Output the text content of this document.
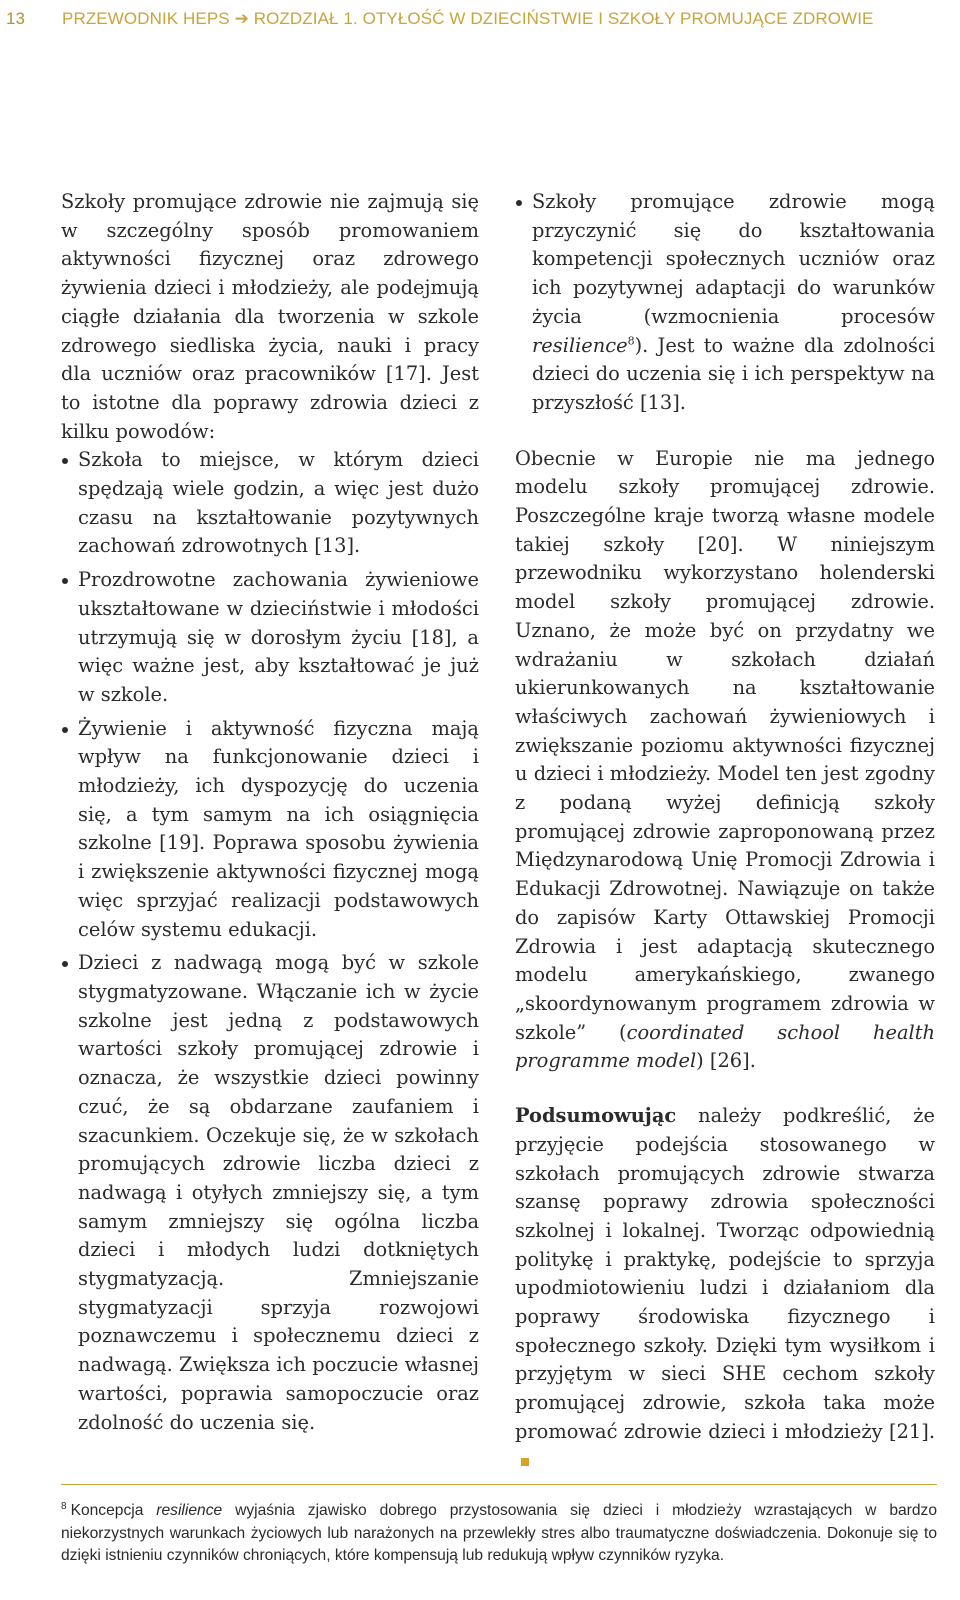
13 PRZEWODNIK HEPS ➔ ROZDZIAŁ 1. OTYŁOŚĆ W DZIECIŃSTWIE I SZKOŁY PROMUJĄCE ZDROWIE

Szkoły promujące zdrowie nie zajmują się w szczególny sposób promowaniem aktywności fizycznej oraz zdrowego żywienia dzieci i młodzieży, ale podejmują ciągłe działania dla tworzenia w szkole zdrowego siedliska życia, nauki i pracy dla uczniów oraz pracowników [17]. Jest to istotne dla poprawy zdrowia dzieci z kilku powodów:

Szkoła to miejsce, w którym dzieci spędzają wiele godzin, a więc jest dużo czasu na kształtowanie pozytywnych zachowań zdrowotnych [13].
Prozdrowotne zachowania żywieniowe ukształtowane w dzieciństwie i młodości utrzymują się w dorosłym życiu [18], a więc ważne jest, aby kształtować je już w szkole.
Żywienie i aktywność fizyczna mają wpływ na funkcjonowanie dzieci i młodzieży, ich dyspozycję do uczenia się, a tym samym na ich osiągnięcia szkolne [19]. Poprawa sposobu żywienia i zwiększenie aktywności fizycznej mogą więc sprzyjać realizacji podstawowych celów systemu edukacji.
Dzieci z nadwagą mogą być w szkole stygmatyzowane. Włączanie ich w życie szkolne jest jedną z podstawowych wartości szkoły promującej zdrowie i oznacza, że wszystkie dzieci powinny czuć, że są obdarzane zaufaniem i szacunkiem. Oczekuje się, że w szkołach promujących zdrowie liczba dzieci z nadwagą i otyłych zmniejszy się, a tym samym zmniejszy się ogólna liczba dzieci i młodych ludzi dotkniętych stygmatyzacją. Zmniejszanie stygmatyzacji sprzyja rozwojowi poznawczemu i społecznemu dzieci z nadwagą. Zwiększa ich poczucie własnej wartości, poprawia samopoczucie oraz zdolność do uczenia się.
Szkoły promujące zdrowie mogą przyczynić się do kształtowania kompetencji społecznych uczniów oraz ich pozytywnej adaptacji do warunków życia (wzmocnienia procesów resilience$^8$). Jest to ważne dla zdolności dzieci do uczenia się i ich perspektyw na przyszłość [13].

Obecnie w Europie nie ma jednego modelu szkoły promującej zdrowie. Poszczególne kraje tworzą własne modele takiej szkoły [20]. W niniejszym przewodniku wykorzystano holenderski model szkoły promującej zdrowie. Uznano, że może być on przydatny we wdrażaniu w szkołach działań ukierunkowanych na kształtowanie właściwych zachowań żywieniowych i zwiększanie poziomu aktywności fizycznej u dzieci i młodzieży. Model ten jest zgodny z podaną wyżej definicją szkoły promującej zdrowie zaproponowaną przez Międzynarodową Unię Promocji Zdrowia i Edukacji Zdrowotnej. Nawiązuje on także do zapisów Karty Ottawskiej Promocji Zdrowia i jest adaptacją skutecznego modelu amerykańskiego, zwanego „skoordynowanym programem zdrowia w szkole” (coordinated school health programme model) [26].

Podsumowując należy podkreślić, że przyjęcie podejścia stosowanego w szkołach promujących zdrowie stwarza szansę poprawy zdrowia społeczności szkolnej i lokalnej. Tworząc odpowiednią politykę i praktykę, podejście to sprzyja upodmiotowieniu ludzi i działaniom dla poprawy środowiska fizycznego i społecznego szkoły. Dzięki tym wysiłkom i przyjętym w sieci SHE cechom szkoły promującej zdrowie, szkoła taka może promować zdrowie dzieci i młodzieży [21].

$^8$ Koncepcja resilience wyjaśnia zjawisko dobrego przystosowania się dzieci i młodzieży wzrastających w bardzo niekorzystnych warunkach życiowych lub narażonych na przewlekły stres albo traumatyczne doświadczenia. Dokonuje się to dzięki istnieniu czynników chroniących, które kompensują lub redukują wpływ czynników ryzyka.
